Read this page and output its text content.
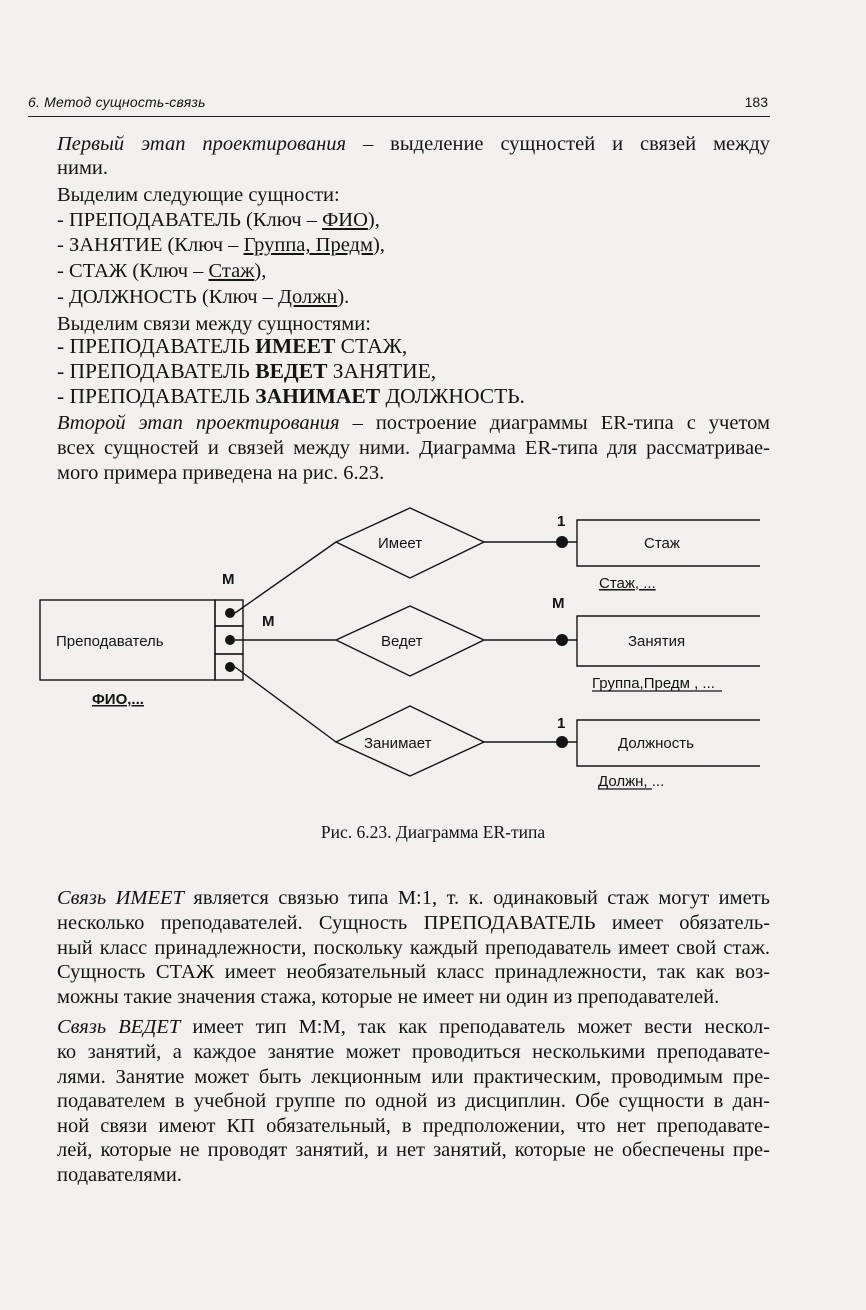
6. Метод сущность-связь	183
Первый этап проектирования – выделение сущностей и связей между
ними.
Выделим следующие сущности:
- ПРЕПОДАВАТЕЛЬ (Ключ – ФИО),
- ЗАНЯТИЕ (Ключ – Группа, Предм),
- СТАЖ (Ключ – Стаж),
- ДОЛЖНОСТЬ (Ключ – Должн).
Выделим связи между сущностями:
- ПРЕПОДАВАТЕЛЬ ИМЕЕТ СТАЖ,
- ПРЕПОДАВАТЕЛЬ ВЕДЕТ ЗАНЯТИЕ,
- ПРЕПОДАВАТЕЛЬ ЗАНИМАЕТ ДОЛЖНОСТЬ.
Второй этап проектирования – построение диаграммы ER-типа с учетом
всех сущностей и связей между ними. Диаграмма ER-типа для рассматривае-
мого примера приведена на рис. 6.23.
Преподаватель
ФИО,...
М
М
Имеет
Ведет
Занимает
1
М
1
Стаж
Стаж, ...
Занятия
Группа,Предм , ...
Должность
Должн, ...
Рис. 6.23. Диаграмма ER-типа
Связь ИМЕЕТ является связью типа М:1, т. к. одинаковый стаж могут иметь
несколько преподавателей. Сущность ПРЕПОДАВАТЕЛЬ имеет обязатель-
ный класс принадлежности, поскольку каждый преподаватель имеет свой стаж.
Сущность СТАЖ имеет необязательный класс принадлежности, так как воз-
можны такие значения стажа, которые не имеет ни один из преподавателей.
Связь ВЕДЕТ имеет тип М:М, так как преподаватель может вести нескол-
ко занятий, а каждое занятие может проводиться несколькими преподавате-
лями. Занятие может быть лекционным или практическим, проводимым пре-
подавателем в учебной группе по одной из дисциплин. Обе сущности в дан-
ной связи имеют КП обязательный, в предположении, что нет преподавате-
лей, которые не проводят занятий, и нет занятий, которые не обеспечены пре-
подавателями.
